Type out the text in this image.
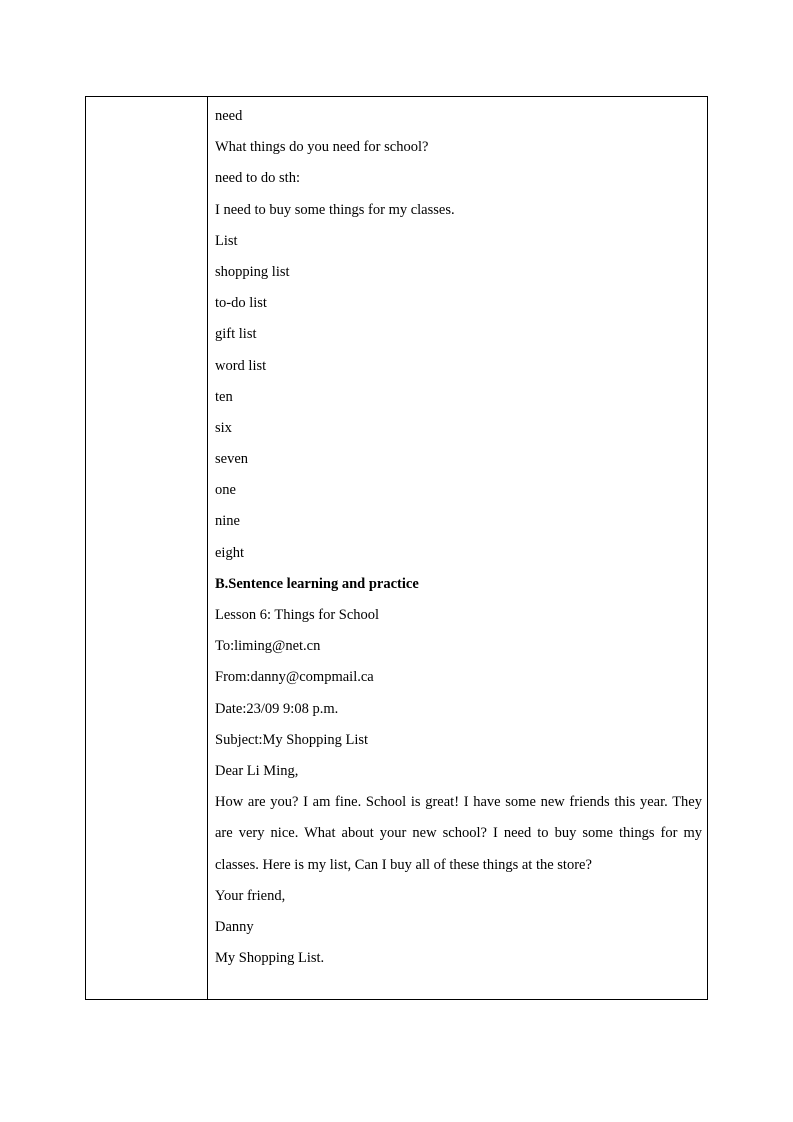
need
What things do you need for school?
need to do sth:
I need to buy some things for my classes.
List
shopping list
to-do list
gift list
word list
ten
six
seven
one
nine
eight
B.Sentence learning and practice
Lesson 6: Things for School
To:liming@net.cn
From:danny@compmail.ca
Date:23/09 9:08 p.m.
Subject:My Shopping List
Dear Li Ming,
How are you? I am fine. School is great! I have some new friends this year. They are very nice. What about your new school? I need to buy some things for my classes. Here is my list, Can I buy all of these things at the store?
Your friend,
Danny
My Shopping List.
